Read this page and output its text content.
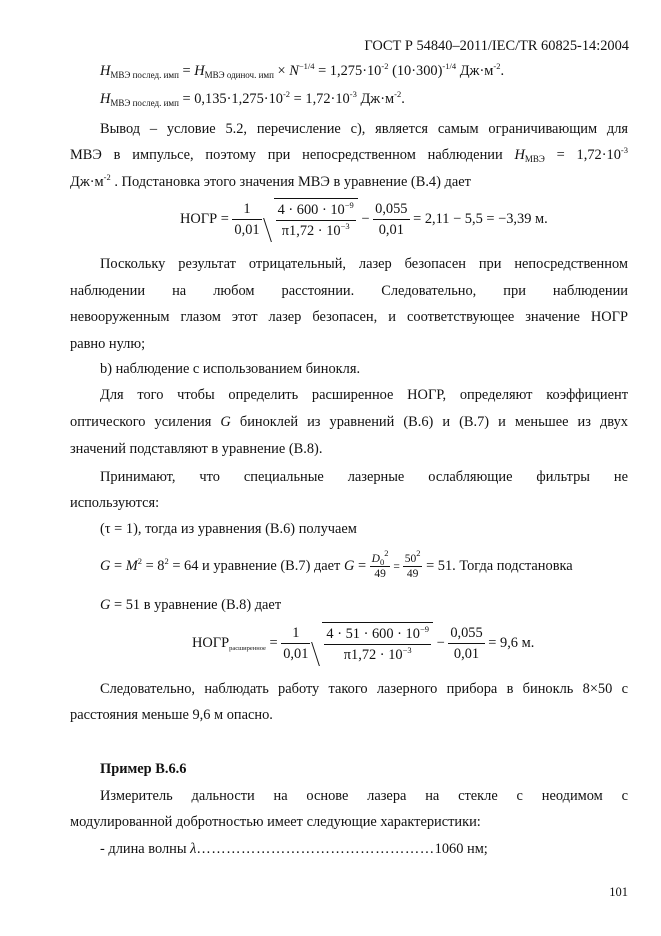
ГОСТ Р 54840–2011/IEC/TR 60825-14:2004
$H_{МВЭ послед. имп} = H_{МВЭ одиноч. имп} \times N^{-1/4} = 1,275\cdot 10^{-2}$ $(10\cdot 300)^{-1/4}$ $Дж\cdot м^{-2}$.
$H_{МВЭ послед. имп} = 0,135\cdot 1,275\cdot 10^{-2} = 1,72\cdot 10^{-3}$ $Дж\cdot м^{-2}$.
Вывод – условие 5.2, перечисление c), является самым ограничивающим для
МВЭ в импульсе, поэтому при непосредственном наблюдении $H_{МВЭ} = 1,72\cdot 10^{-3}$
$Дж\cdot м^{-2}$ . Подстановка этого значения МВЭ в уравнение (В.4) дает
НОГР = $\frac{1}{0,01} \frac{4 \cdot 600 \cdot 10^{-9}}{\pi 1,72 \cdot 10^{-3}} - \frac{0,055}{0,01} = 2,11 - 5,5 = -3,39$ м.
Поскольку результат отрицательный, лазер безопасен при непосредственном
наблюдении на любом расстоянии. Следовательно, при наблюдении
невооруженным глазом этот лазер безопасен, и соответствующее значение НОГР
равно нулю;
b) наблюдение с использованием бинокля.
Для того чтобы определить расширенное НОГР, определяют коэффициент
оптического усиления G биноклей из уравнений (В.6) и (В.7) и меньшее из двух
значений подставляют в уравнение (В.8).
Принимают, что специальные лазерные ослабляющие фильтры не
используются:
(τ = 1), тогда из уравнения (В.6) получаем
$G = M^2 = 8^2 = 64$ и уравнение (В.7) дает $G = \frac{D_0^2}{49} = \frac{50^2}{49} = 51$. Тогда подстановка
G = 51 в уравнение (В.8) дает
$НОГР_{расширенное} = \frac{1}{0,01} \frac{4 \cdot 51 \cdot 600 \cdot 10^{-9}}{\pi 1,72 \cdot 10^{-3}} - \frac{0,055}{0,01} = 9,6$ м.
Следовательно, наблюдать работу такого лазерного прибора в бинокль 8×50 с
расстояния меньше 9,6 м опасно.
Пример В.6.6
Измеритель дальности на основе лазера на стекле с неодимом с
модулированной добротностью имеет следующие характеристики:
- длина волны λ…………………………………………1060 нм;
101
